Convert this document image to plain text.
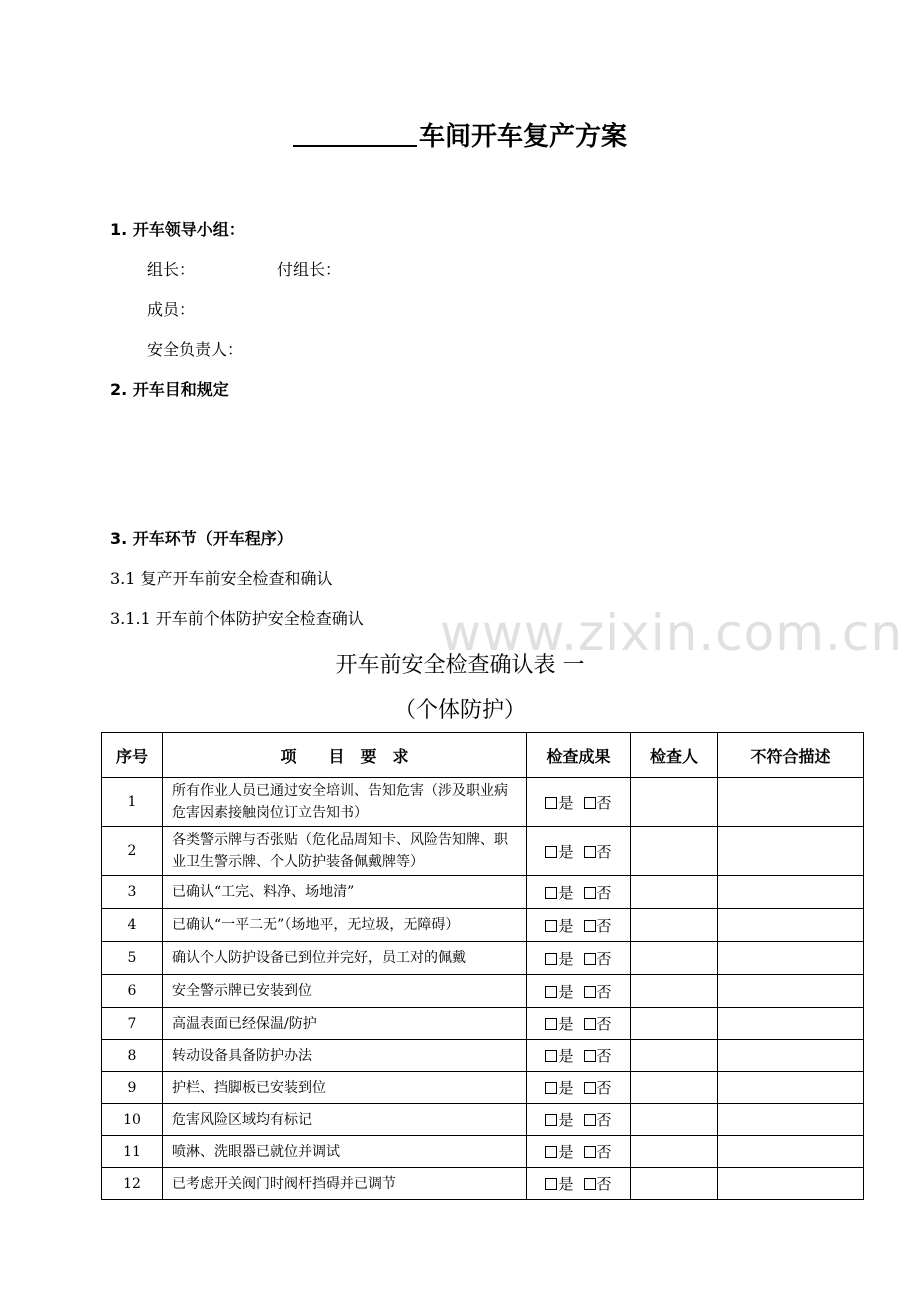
车间开车复产方案
1. 开车领导小组：
组长：	付组长：
成员：
安全负责人：
2. 开车目和规定
3. 开车环节（开车程序）
3.1 复产开车前安全检查和确认
3.1.1 开车前个体防护安全检查确认 www.zixin.com.cn
开车前安全检查确认表 一
（个体防护）
序号	项　　目　要　求	检查成果	检查人	不符合描述
1	所有作业人员已通过安全培训、告知危害（涉及职业病危害因素接触岗位订立告知书）	是 否		
2	各类警示牌与否张贴（危化品周知卡、风险告知牌、职业卫生警示牌、个人防护装备佩戴牌等）	是 否		
3	已确认“工完、料净、场地清”	是 否		
4	已确认“一平二无”（场地平，无垃圾，无障碍）	是 否		
5	确认个人防护设备已到位并完好，员工对的佩戴	是 否		
6	安全警示牌已安装到位	是 否		
7	高温表面已经保温/防护	是 否		
8	转动设备具备防护办法	是 否		
9	护栏、挡脚板已安装到位	是 否		
10	危害风险区域均有标记	是 否		
11	喷淋、洗眼器已就位并调试	是 否		
12	已考虑开关阀门时阀杆挡碍并已调节	是 否		
